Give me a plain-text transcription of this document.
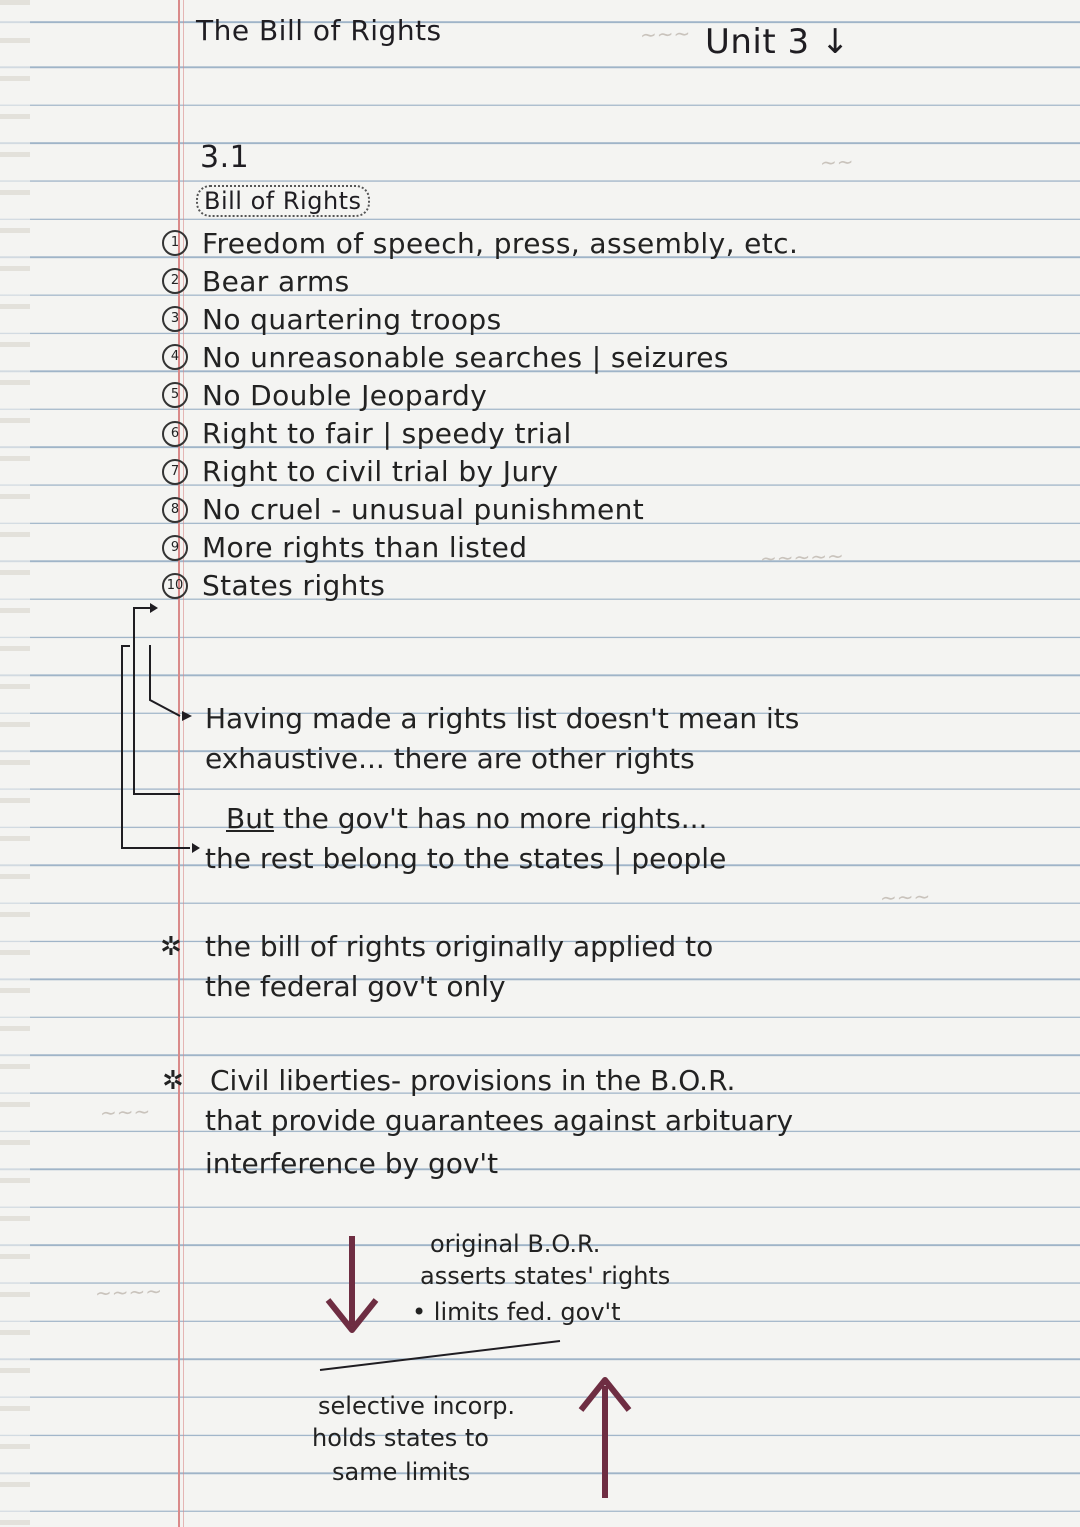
~~~
~~
~~~~~
~~~
~~~
~~~~
The Bill of Rights	Unit 3 ↓
3.1
Bill of Rights
1 Freedom of speech, press, assembly, etc.
2 Bear arms
3 No quartering troops
4 No unreasonable searches | seizures
5 No Double Jeopardy
6 Right to fair | speedy trial
7 Right to civil trial by Jury
8 No cruel - unusual punishment
9 More rights than listed
10 States rights
Having made a rights list doesn't mean its
exhaustive... there are other rights
But the gov't has no more rights...
the rest belong to the states | people
✲ the bill of rights originally applied to
the federal gov't only
✲ Civil liberties- provisions in the B.O.R.
that provide guarantees against arbituary
interference by gov't
original B.O.R.
asserts states' rights
• limits fed. gov't
selective incorp.
holds states to
same limits
